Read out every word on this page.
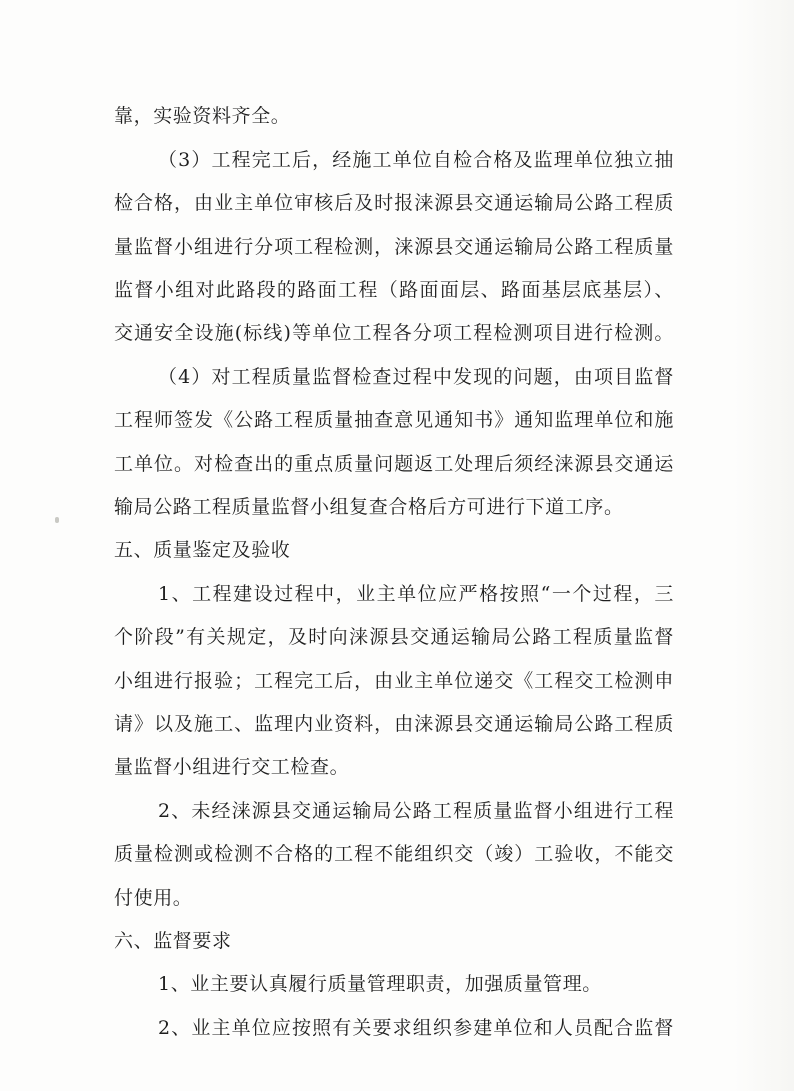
靠，实验资料齐全。
（3）工程完工后，经施工单位自检合格及监理单位独立抽
检合格，由业主单位审核后及时报涞源县交通运输局公路工程质
量监督小组进行分项工程检测，涞源县交通运输局公路工程质量
监督小组对此路段的路面工程（路面面层、路面基层底基层）、
交通安全设施(标线)等单位工程各分项工程检测项目进行检测。
（4）对工程质量监督检查过程中发现的问题，由项目监督
工程师签发《公路工程质量抽查意见通知书》通知监理单位和施
工单位。对检查出的重点质量问题返工处理后须经涞源县交通运
输局公路工程质量监督小组复查合格后方可进行下道工序。
五、质量鉴定及验收
1、工程建设过程中，业主单位应严格按照“一个过程，三
个阶段”有关规定，及时向涞源县交通运输局公路工程质量监督
小组进行报验；工程完工后，由业主单位递交《工程交工检测申
请》以及施工、监理内业资料，由涞源县交通运输局公路工程质
量监督小组进行交工检查。
2、未经涞源县交通运输局公路工程质量监督小组进行工程
质量检测或检测不合格的工程不能组织交（竣）工验收，不能交
付使用。
六、监督要求
1、业主要认真履行质量管理职责，加强质量管理。
2、业主单位应按照有关要求组织参建单位和人员配合监督
